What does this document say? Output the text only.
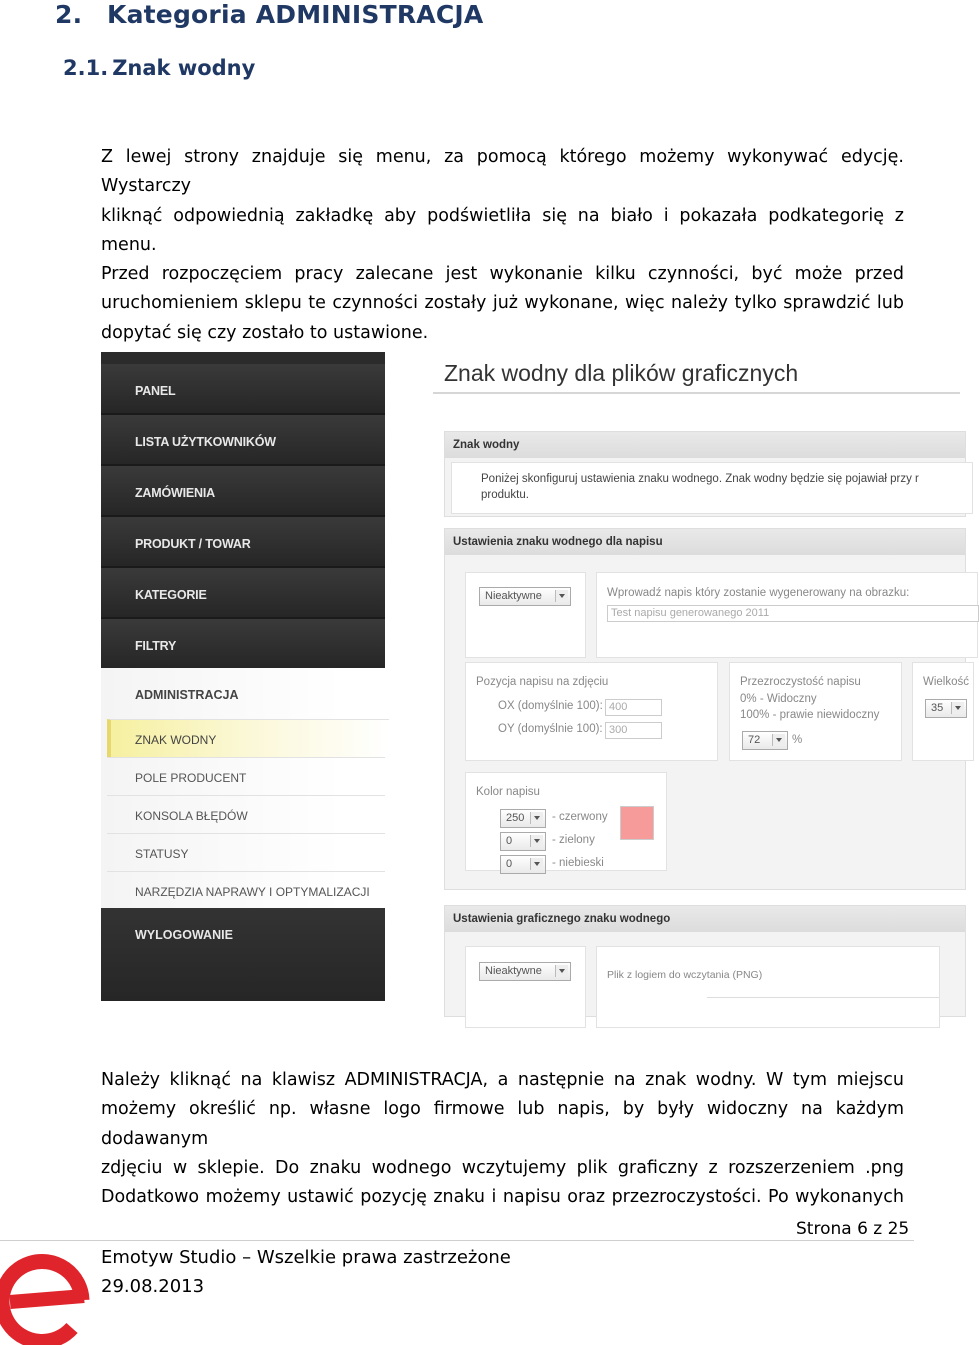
2. Kategoria ADMINISTRACJA
2.1. Znak wodny

Z lewej strony znajduje się menu, za pomocą którego możemy wykonywać edycję. Wystarczy

kliknąć odpowiednią zakładkę aby podświetliła się na biało i pokazała podkategorię z menu.

Przed rozpoczęciem pracy zalecane jest wykonanie kilku czynności, być może przed

uruchomieniem sklepu te czynności zostały już wykonane, więc należy tylko sprawdzić lub

dopytać się czy zostało to ustawione.

PANEL
LISTA UŻYTKOWNIKÓW
ZAMÓWIENIA
PRODUKT / TOWAR
KATEGORIE
FILTRY
ADMINISTRACJA
ZNAK WODNY
POLE PRODUCENT
KONSOLA BŁĘDÓW
STATUSY
NARZĘDZIA NAPRAWY I OPTYMALIZACJI
WYLOGOWANIE
Znak wodny dla plików graficznych
Znak wodny
Poniżej skonfiguruj ustawienia znaku wodnego. Znak wodny będzie się pojawiał przy r
produktu.
Ustawienia znaku wodnego dla napisu
Nieaktywne	Wprowadź napis który zostanie wygenerowany na obrazku:
Test napisu generowanego 2011
Pozycja napisu na zdjęciu
OX (domyślnie 100): 400
OY (domyślnie 100): 300
Przezroczystość napisu
0% - Widoczny
100% - prawie niewidoczny
72	%
Wielkość
35
Kolor napisu
250 - czerwony
0	- zielony
0	- niebieski
Ustawienia graficznego znaku wodnego
Nieaktywne	Plik z logiem do wczytania (PNG)

Należy kliknąć na klawisz ADMINISTRACJA, a następnie na znak wodny. W tym miejscu

możemy określić np. własne logo firmowe lub napis, by były widoczny na każdym dodawanym

zdjęciu w sklepie. Do znaku wodnego wczytujemy plik graficzny z rozszerzeniem .png

Dodatkowo możemy ustawić pozycję znaku i napisu oraz przezroczystości. Po wykonanych

Strona 6 z 25
Emotyw Studio – Wszelkie prawa zastrzeżone
29.08.2013
